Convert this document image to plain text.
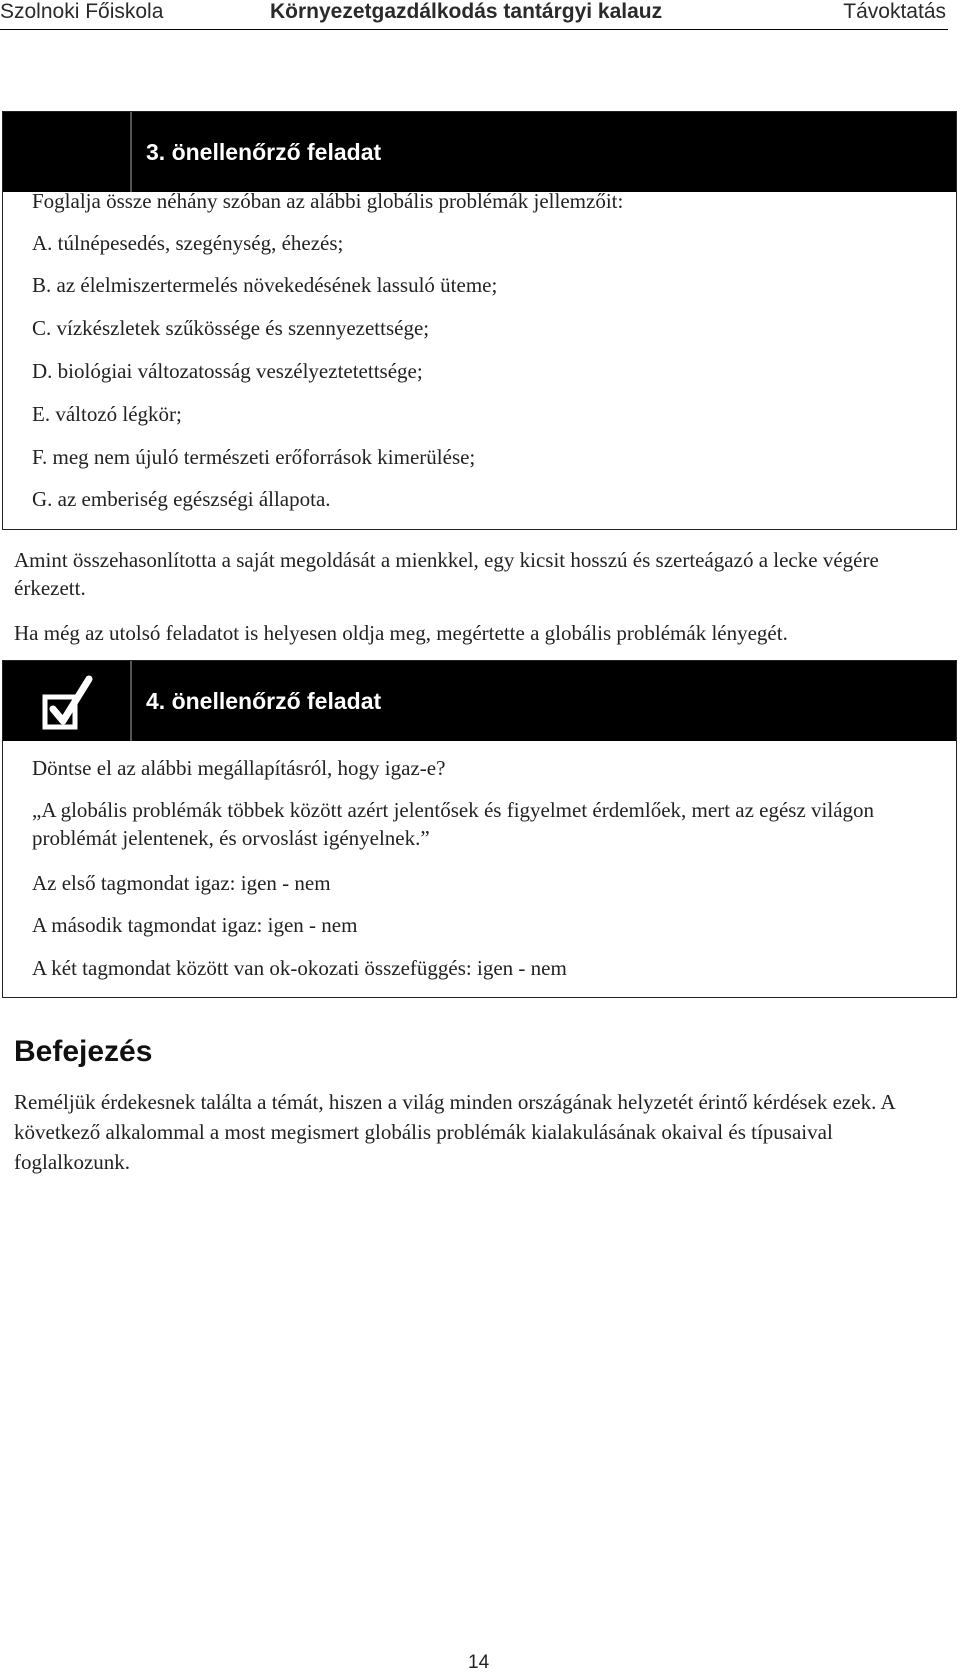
Szolnoki Főiskola	Környezetgazdálkodás tantárgyi kalauz	Távoktatás
3. önellenőrző feladat
Foglalja össze néhány szóban az alábbi globális problémák jellemzőit:
A. túlnépesedés, szegénység, éhezés;
B. az élelmiszertermelés növekedésének lassuló üteme;
C. vízkészletek szűkössége és szennyezettsége;
D. biológiai változatosság veszélyeztetettsége;
E. változó légkör;
F. meg nem újuló természeti erőforrások kimerülése;
G. az emberiség egészségi állapota.
Amint összehasonlította a saját megoldását a mienkkel, egy kicsit hosszú és szerteágazó a lecke végére érkezett.
Ha még az utolsó feladatot is helyesen oldja meg, megértette a globális problémák lényegét.
4. önellenőrző feladat
Döntse el az alábbi megállapításról, hogy igaz-e?
„A globális problémák többek között azért jelentősek és figyelmet érdemlőek, mert az egész világon problémát jelentenek, és orvoslást igényelnek.”
Az első tagmondat igaz: igen - nem
A második tagmondat igaz: igen - nem
A két tagmondat között van ok-okozati összefüggés: igen - nem
Befejezés
Reméljük érdekesnek találta a témát, hiszen a világ minden országának helyzetét érintő kérdések ezek. A következő alkalommal a most megismert globális problémák kialakulásának okaival és típusaival foglalkozunk.
14
